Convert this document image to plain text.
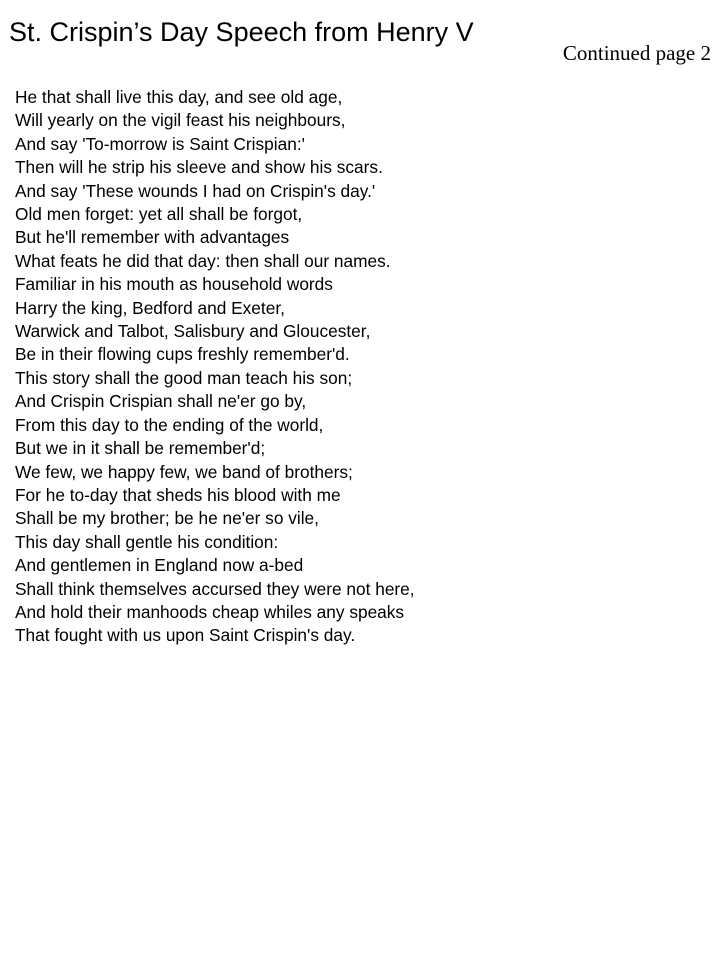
St. Crispin’s Day Speech from Henry V
Continued page 2
He that shall live this day, and see old age,
Will yearly on the vigil feast his neighbours,
And say 'To-morrow is Saint Crispian:'
Then will he strip his sleeve and show his scars.
And say 'These wounds I had on Crispin's day.'
Old men forget: yet all shall be forgot,
But he'll remember with advantages
What feats he did that day: then shall our names.
Familiar in his mouth as household words
Harry the king, Bedford and Exeter,
Warwick and Talbot, Salisbury and Gloucester,
Be in their flowing cups freshly remember'd.
This story shall the good man teach his son;
And Crispin Crispian shall ne'er go by,
From this day to the ending of the world,
But we in it shall be remember'd;
We few, we happy few, we band of brothers;
For he to-day that sheds his blood with me
Shall be my brother; be he ne'er so vile,
This day shall gentle his condition:
And gentlemen in England now a-bed
Shall think themselves accursed they were not here,
And hold their manhoods cheap whiles any speaks
That fought with us upon Saint Crispin's day.
